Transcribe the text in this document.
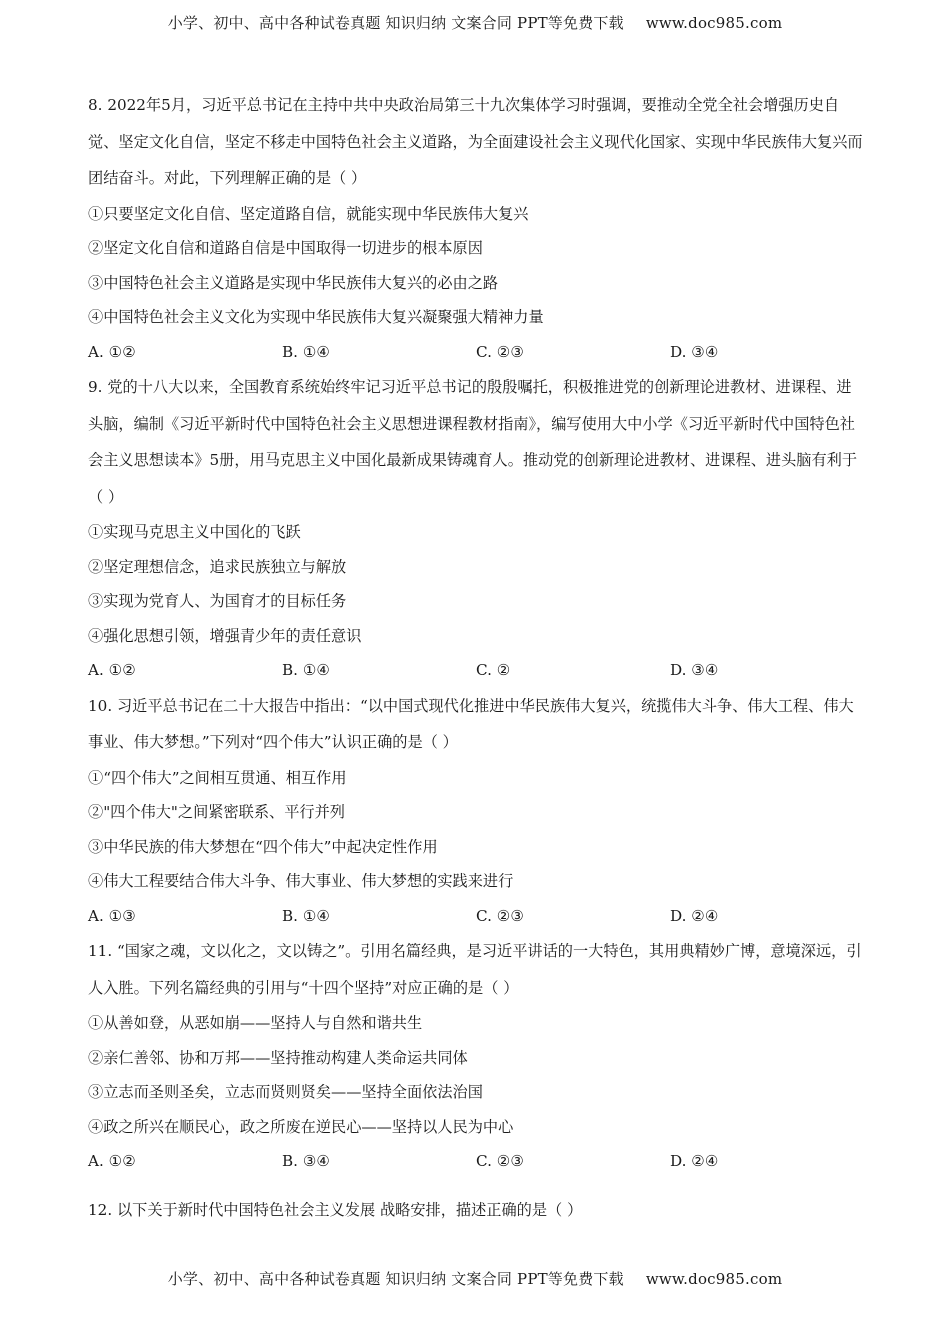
小学、初中、高中各种试卷真题 知识归纳 文案合同 PPT等免费下载 www.doc985.com

8. 2022年5月，习近平总书记在主持中共中央政治局第三十九次集体学习时强调，要推动全党全社会增强历史自觉、坚定文化自信，坚定不移走中国特色社会主义道路，为全面建设社会主义现代化国家、实现中华民族伟大复兴而团结奋斗。对此，下列理解正确的是（ ）

①只要坚定文化自信、坚定道路自信，就能实现中华民族伟大复兴

②坚定文化自信和道路自信是中国取得一切进步的根本原因

③中国特色社会主义道路是实现中华民族伟大复兴的必由之路

④中国特色社会主义文化为实现中华民族伟大复兴凝聚强大精神力量

A. ①②	B. ①④	C. ②③	D. ③④

9. 党的十八大以来，全国教育系统始终牢记习近平总书记的殷殷嘱托，积极推进党的创新理论进教材、进课程、进头脑，编制《习近平新时代中国特色社会主义思想进课程教材指南》，编写使用大中小学《习近平新时代中国特色社会主义思想读本》5册，用马克思主义中国化最新成果铸魂育人。推动党的创新理论进教材、进课程、进头脑有利于（ ）

①实现马克思主义中国化的飞跃

②坚定理想信念，追求民族独立与解放

③实现为党育人、为国育才的目标任务

④强化思想引领，增强青少年的责任意识

A. ①②	B. ①④	C. ②	D. ③④

10. 习近平总书记在二十大报告中指出：“以中国式现代化推进中华民族伟大复兴，统揽伟大斗争、伟大工程、伟大事业、伟大梦想。”下列对“四个伟大”认识正确的是（ ）

①“四个伟大”之间相互贯通、相互作用

②"四个伟大"之间紧密联系、平行并列

③中华民族的伟大梦想在“四个伟大”中起决定性作用

④伟大工程要结合伟大斗争、伟大事业、伟大梦想的实践来进行

A. ①③	B. ①④	C. ②③	D. ②④

11. “国家之魂，文以化之，文以铸之”。引用名篇经典，是习近平讲话的一大特色，其用典精妙广博，意境深远，引人入胜。下列名篇经典的引用与“十四个坚持”对应正确的是（ ）

①从善如登，从恶如崩——坚持人与自然和谐共生

②亲仁善邻、协和万邦——坚持推动构建人类命运共同体

③立志而圣则圣矣，立志而贤则贤矣——坚持全面依法治国

④政之所兴在顺民心，政之所废在逆民心——坚持以人民为中心

A. ①②	B. ③④	C. ②③	D. ②④

12. 以下关于新时代中国特色社会主义发展 战略安排，描述正确的是（ ）

小学、初中、高中各种试卷真题 知识归纳 文案合同 PPT等免费下载 www.doc985.com
